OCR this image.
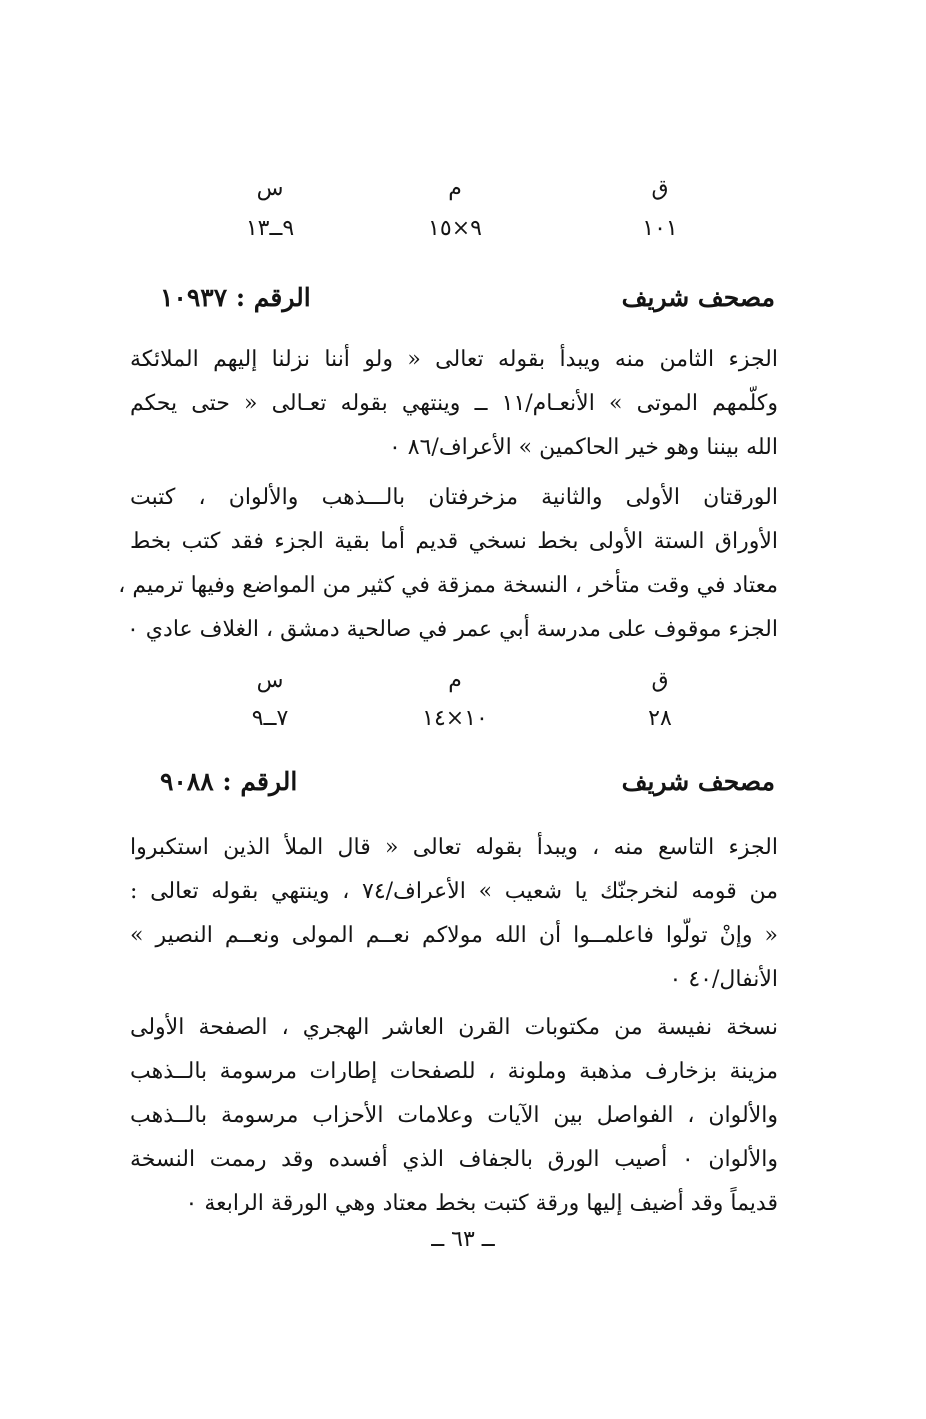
ق
م
س
١٠١
٩×١٥
٩ــ١٣
مصحف شريف
الرقم : ١٠٩٣٧
الجزء الثامن منه ويبدأ بقوله تعالى « ولو أننا نزلنا إليهم الملائكة
وكلّمهم الموتى » الأنعـام/١١ ــ وينتهي بقوله تعـالى « حتى يحكم
الله بيننا وهو خير الحاكمين » الأعراف/٨٦ ٠
الورقتان الأولى والثانية مزخرفتان بالـــذهب والألوان ، كتبت
الأوراق الستة الأولى بخط نسخي قديم أما بقية الجزء فقد كتب بخط
معتاد في وقت متأخر ، النسخة ممزقة في كثير من المواضع وفيها ترميم ،
الجزء موقوف على مدرسة أبي عمر في صالحية دمشق ، الغلاف عادي ٠
ق
م
س
٢٨
١٠×١٤
٧ــ٩
مصحف شريف
الرقم : ٩٠٨٨
الجزء التاسع منه ، ويبدأ بقوله تعالى « قال الملأ الذين استكبروا
من قومه لنخرجنّك يا شعيب » الأعراف/٧٤ ، وينتهي بقوله تعالى :
« وإنْ تولّوا فاعلمــوا أن الله مولاكم نعــم المولى ونعــم النصير »
الأنفال/٤٠ ٠
نسخة نفيسة من مكتوبات القرن العاشر الهجري ، الصفحة الأولى
مزينة بزخارف مذهبة وملونة ، للصفحات إطارات مرسومة بالــذهب
والألوان ، الفواصل بين الآيات وعلامات الأحزاب مرسومة بالــذهب
والألوان ٠ أصيب الورق بالجفاف الذي أفسده وقد رممت النسخة
قديماً وقد أضيف إليها ورقة كتبت بخط معتاد وهي الورقة الرابعة ٠
ــ ٦٣ ــ
